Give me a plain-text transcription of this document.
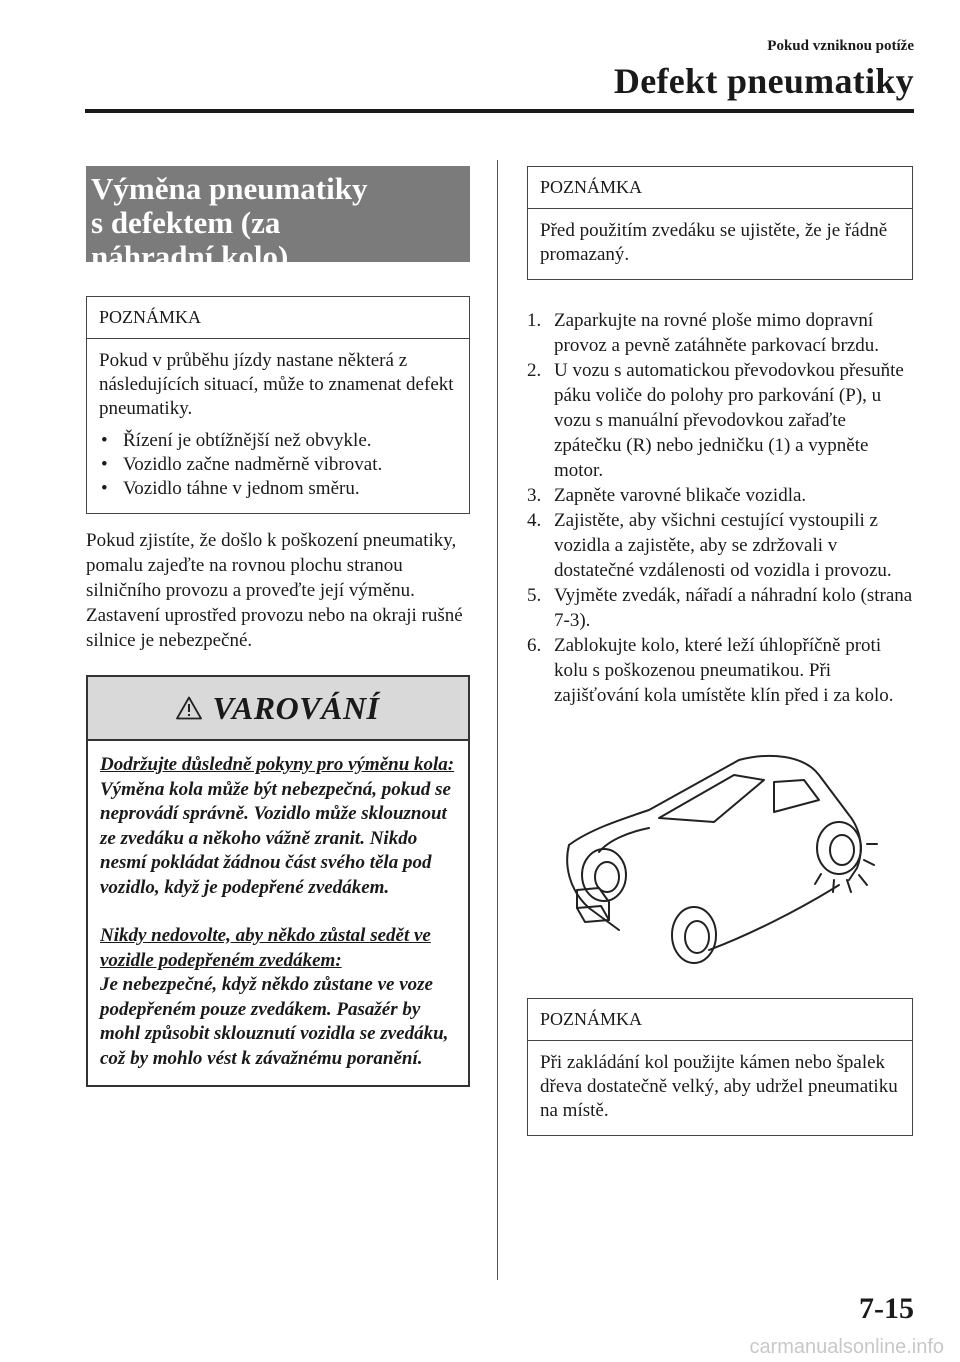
Pokud vzniknou potíže
Defekt pneumatiky
Výměna pneumatiky
s defektem (za
náhradní kolo)
POZNÁMKA

Pokud v průběhu jízdy nastane některá z následujících situací, může to znamenat defekt pneumatiky.

• Řízení je obtížnější než obvykle.
• Vozidlo začne nadměrně vibrovat.
• Vozidlo táhne v jednom směru.

Pokud zjistíte, že došlo k poškození pneumatiky, pomalu zajeďte na rovnou plochu stranou silničního provozu a proveďte její výměnu. Zastavení uprostřed provozu nebo na okraji rušné silnice je nebezpečné.

VAROVÁNÍ

Dodržujte důsledně pokyny pro výměnu kola:

Výměna kola může být nebezpečná, pokud se neprovádí správně. Vozidlo může sklouznout ze zvedáku a někoho vážně zranit. Nikdo nesmí pokládat žádnou část svého těla pod vozidlo, když je podepřené zvedákem.

Nikdy nedovolte, aby někdo zůstal sedět ve vozidle podepřeném zvedákem:

Je nebezpečné, když někdo zůstane ve voze podepřeném pouze zvedákem. Pasažér by mohl způsobit sklouznutí vozidla se zvedáku, což by mohlo vést k závažnému poranění.

POZNÁMKA
Před použitím zvedáku se ujistěte, že je řádně promazaný.
1. Zaparkujte na rovné ploše mimo dopravní provoz a pevně zatáhněte parkovací brzdu.
2. U vozu s automatickou převodovkou přesuňte páku voliče do polohy pro parkování (P), u vozu s manuální převodovkou zařaďte zpátečku (R) nebo jedničku (1) a vypněte motor.
3. Zapněte varovné blikače vozidla.
4. Zajistěte, aby všichni cestující vystoupili z vozidla a zajistěte, aby se zdržovali v dostatečné vzdálenosti od vozidla i provozu.
5. Vyjměte zvedák, nářadí a náhradní kolo (strana 7-3).
6. Zablokujte kolo, které leží úhlopříčně proti kolu s poškozenou pneumatikou. Při zajišťování kola umístěte klín před i za kolo.
POZNÁMKA
Při zakládání kol použijte kámen nebo špalek dřeva dostatečně velký, aby udržel pneumatiku na místě.
7-15
carmanualsonline.info
